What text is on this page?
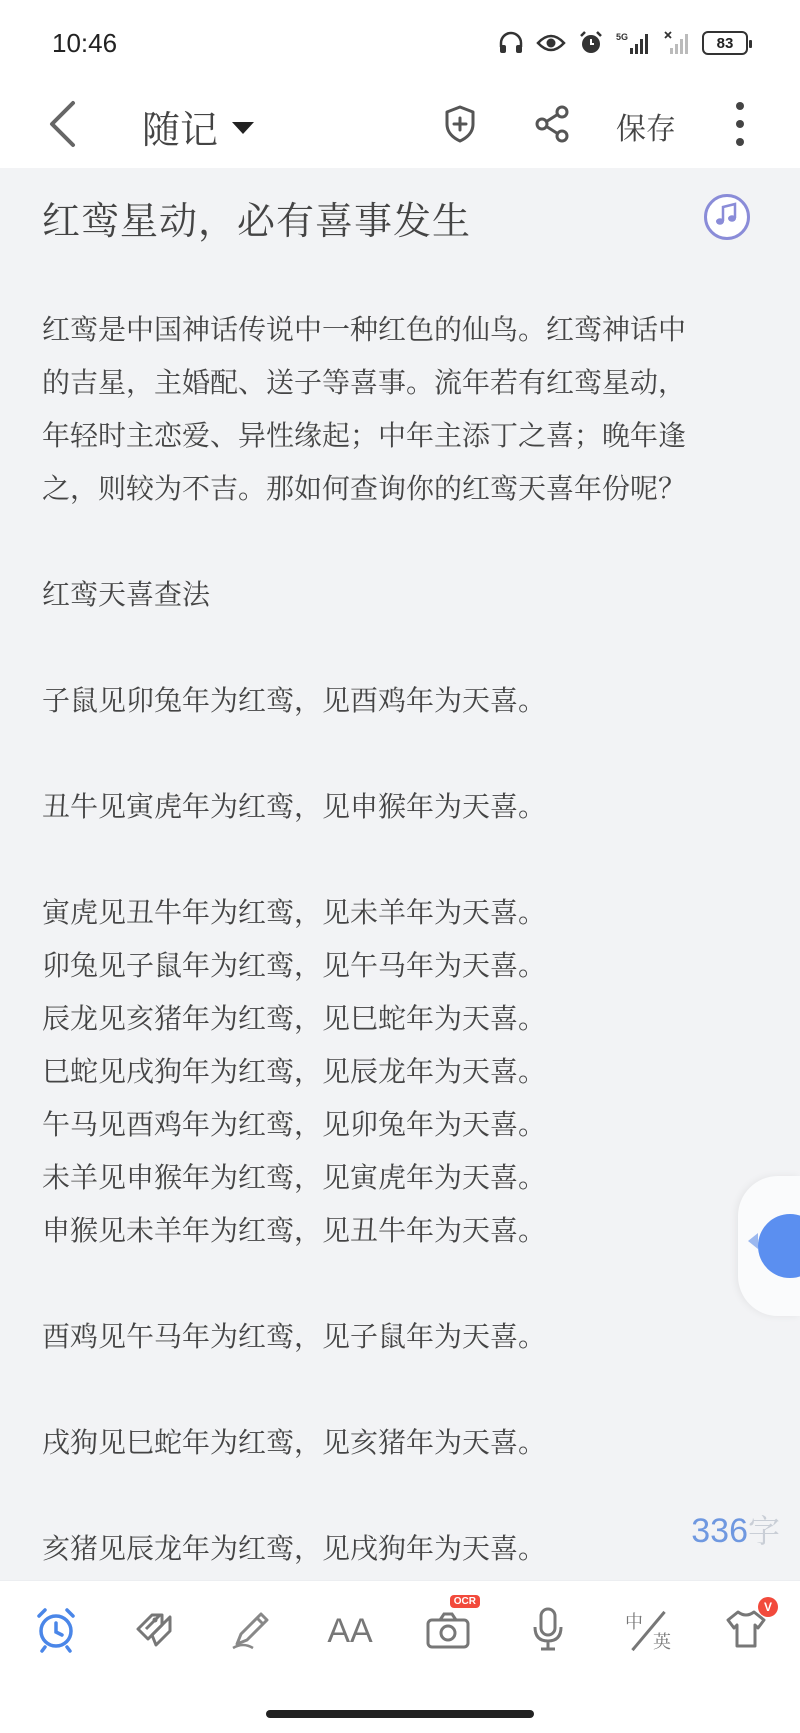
10:46	5G	83
随记	保存
红鸾星动，必有喜事发生

红鸾是中国神话传说中一种红色的仙鸟。红鸾神话中

的吉星，主婚配、送子等喜事。流年若有红鸾星动，

年轻时主恋爱、异性缘起；中年主添丁之喜；晚年逢

之，则较为不吉。那如何查询你的红鸾天喜年份呢？

红鸾天喜查法

子鼠见卯兔年为红鸾，见酉鸡年为天喜。

丑牛见寅虎年为红鸾，见申猴年为天喜。

寅虎见丑牛年为红鸾，见未羊年为天喜。

卯兔见子鼠年为红鸾，见午马年为天喜。

辰龙见亥猪年为红鸾，见巳蛇年为天喜。

巳蛇见戌狗年为红鸾，见辰龙年为天喜。

午马见酉鸡年为红鸾，见卯兔年为天喜。

未羊见申猴年为红鸾，见寅虎年为天喜。

申猴见未羊年为红鸾，见丑牛年为天喜。

酉鸡见午马年为红鸾，见子鼠年为天喜。

戌狗见巳蛇年为红鸾，见亥猪年为天喜。

亥猪见辰龙年为红鸾，见戌狗年为天喜。	336字
AA
OCR
中
英
V
